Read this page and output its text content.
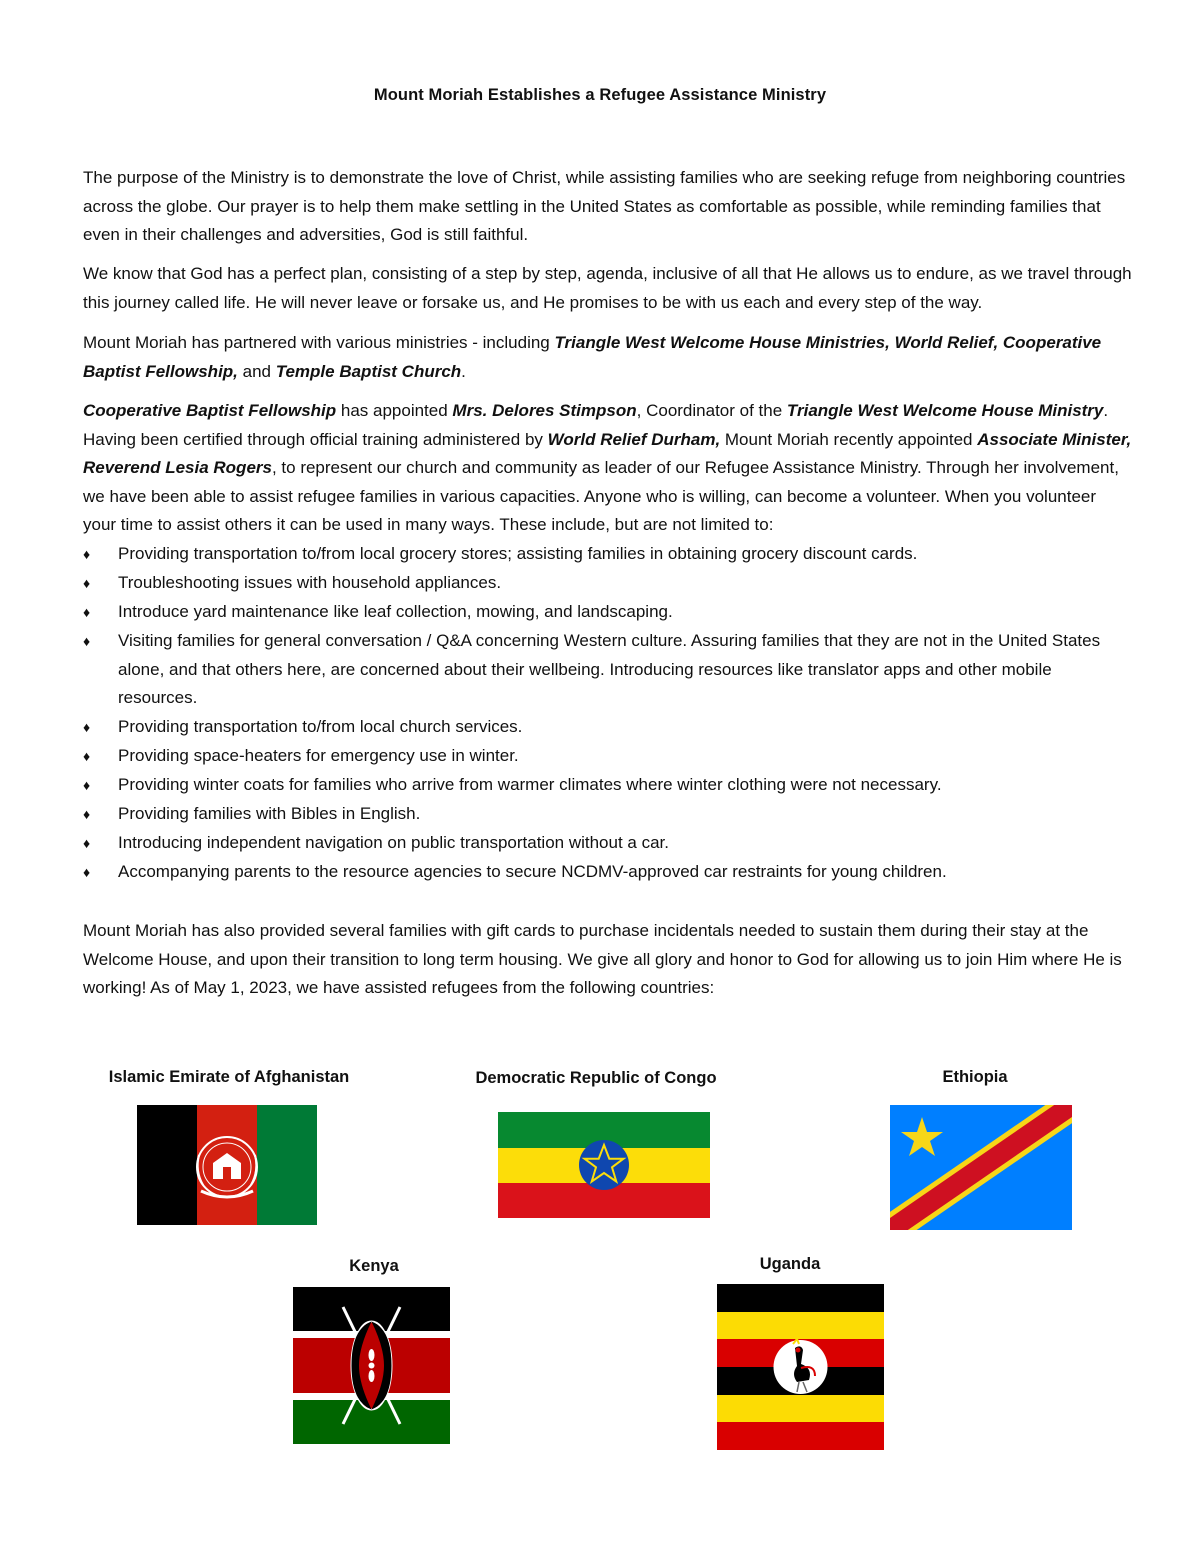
Mount Moriah Establishes a Refugee Assistance Ministry

The purpose of the Ministry is to demonstrate the love of Christ, while assisting families who are seeking refuge from neighboring countries across the globe. Our prayer is to help them make settling in the United States as comfortable as possible, while reminding families that even in their challenges and adversities, God is still faithful.

We know that God has a perfect plan, consisting of a step by step, agenda, inclusive of all that He allows us to endure, as we travel through this journey called life. He will never leave or forsake us, and He promises to be with us each and every step of the way.

Mount Moriah has partnered with various ministries - including Triangle West Welcome House Ministries, World Relief, Cooperative Baptist Fellowship, and Temple Baptist Church.

Cooperative Baptist Fellowship has appointed Mrs. Delores Stimpson, Coordinator of the Triangle West Welcome House Ministry. Having been certified through official training administered by World Relief Durham, Mount Moriah recently appointed Associate Minister, Reverend Lesia Rogers, to represent our church and community as leader of our Refugee Assistance Ministry. Through her involvement, we have been able to assist refugee families in various capacities. Anyone who is willing, can become a volunteer. When you volunteer your time to assist others it can be used in many ways. These include, but are not limited to:

♦ Providing transportation to/from local grocery stores; assisting families in obtaining grocery discount cards.
♦ Troubleshooting issues with household appliances.
♦ Introduce yard maintenance like leaf collection, mowing, and landscaping.
♦ Visiting families for general conversation / Q&A concerning Western culture. Assuring families that they are not in the United States alone, and that others here, are concerned about their wellbeing. Introducing resources like translator apps and other mobile resources.
♦ Providing transportation to/from local church services.
♦ Providing space-heaters for emergency use in winter.
♦ Providing winter coats for families who arrive from warmer climates where winter clothing were not necessary.
♦ Providing families with Bibles in English.
♦ Introducing independent navigation on public transportation without a car.
♦ Accompanying parents to the resource agencies to secure NCDMV-approved car restraints for young children.

Mount Moriah has also provided several families with gift cards to purchase incidentals needed to sustain them during their stay at the Welcome House, and upon their transition to long term housing. We give all glory and honor to God for allowing us to join Him where He is working! As of May 1, 2023, we have assisted refugees from the following countries:

Islamic Emirate of Afghanistan	Democratic Republic of Congo	Ethiopia
Kenya	Uganda
